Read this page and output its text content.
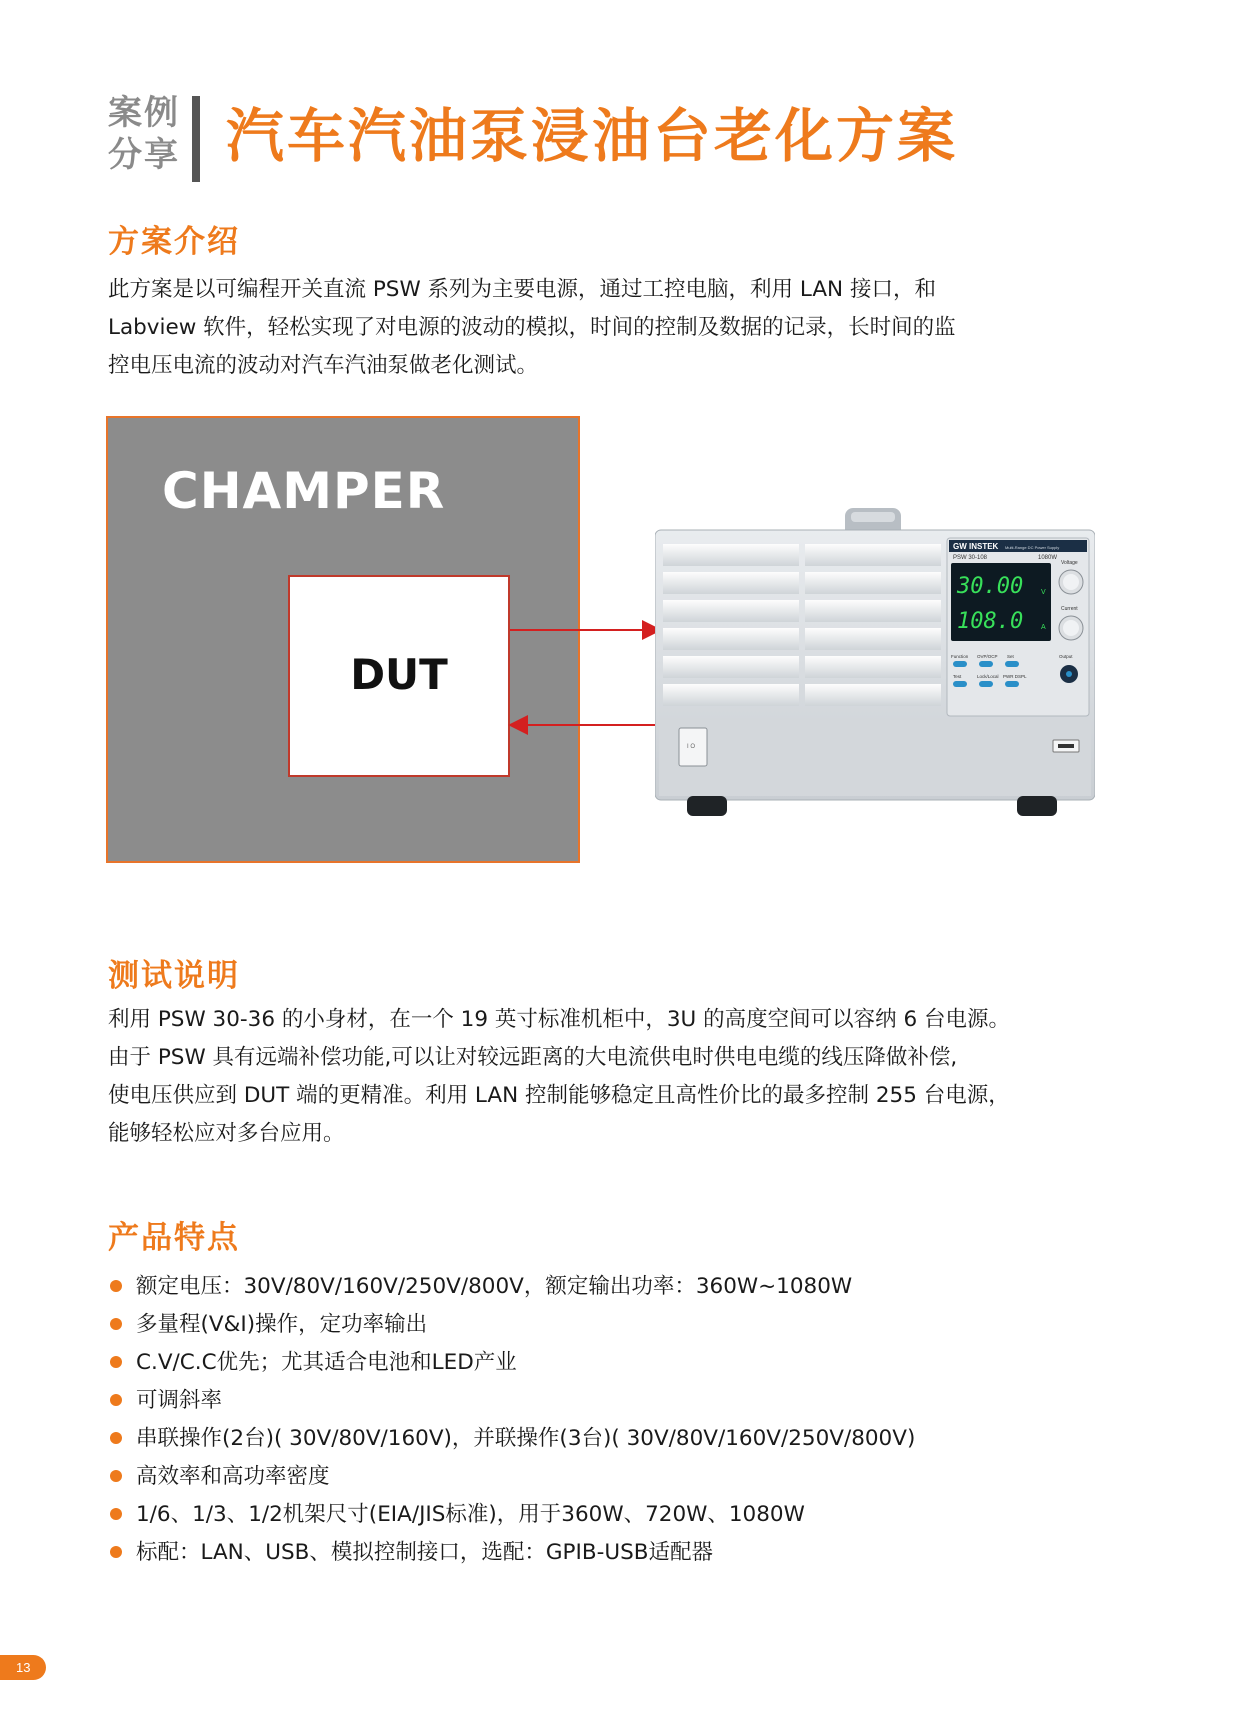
案例
分享 汽车汽油泵浸油台老化方案
方案介绍
此方案是以可编程开关直流 PSW 系列为主要电源，通过工控电脑，利用 LAN 接口，和
Labview 软件，轻松实现了对电源的波动的模拟，时间的控制及数据的记录，长时间的监
控电压电流的波动对汽车汽油泵做老化测试。
CHAMPER
DUT
GW INSTEK Multi-Range DC Power Supply
PSW 30-108	1080W
30.00	V
108.0	A
Voltage
Current
Function OVP/OCP Set
Test	Lock/Local PWR DSPL
Output
I O
测试说明
利用 PSW 30-36 的小身材，在一个 19 英寸标准机柜中，3U 的高度空间可以容纳 6 台电源。
由于 PSW 具有远端补偿功能,可以让对较远距离的大电流供电时供电电缆的线压降做补偿,
使电压供应到 DUT 端的更精准。利用 LAN 控制能够稳定且高性价比的最多控制 255 台电源，
能够轻松应对多台应用。
产品特点
额定电压：30V/80V/160V/250V/800V，额定输出功率：360W~1080W
多量程(V&I)操作，定功率输出
C.V/C.C优先；尤其适合电池和LED产业
可调斜率
串联操作(2台)( 30V/80V/160V)，并联操作(3台)( 30V/80V/160V/250V/800V)
高效率和高功率密度
1/6、1/3、1/2机架尺寸(EIA/JIS标准)，用于360W、720W、1080W
标配：LAN、USB、模拟控制接口，选配：GPIB-USB适配器
13
